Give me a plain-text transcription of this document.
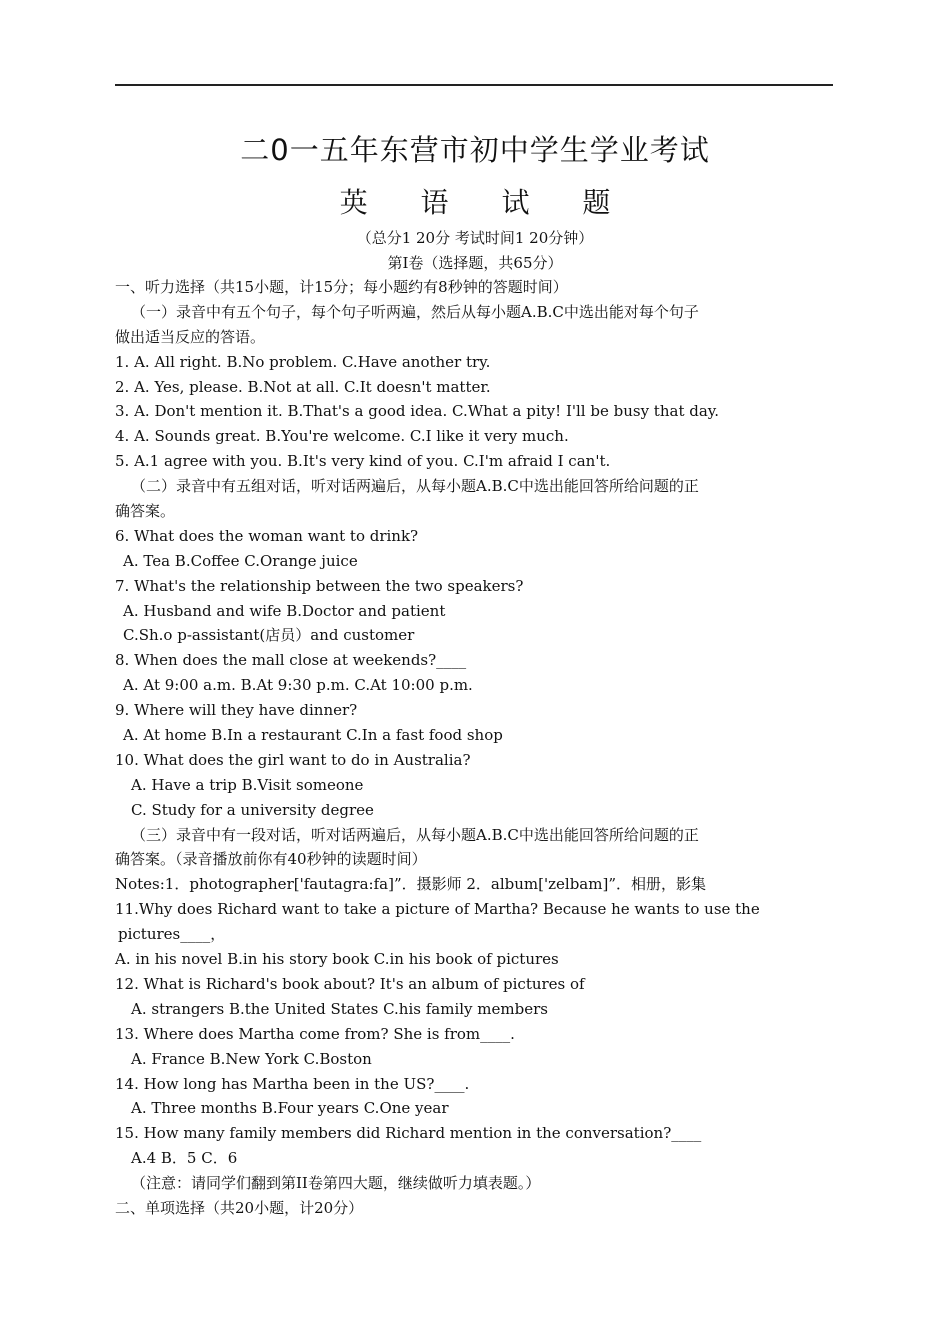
二0一五年东营市初中学生学业考试
英 语 试 题
（总分1 20分 考试时间1 20分钟）
第I卷（选择题，共65分）
一、听力选择（共15小题，计15分；每小题约有8秒钟的答题时间）
（一）录音中有五个句子，每个句子听两遍，然后从每小题A.B.C中选出能对每个句子
做出适当反应的答语。
1. A. All right. B.No problem. C.Have another try.
2. A. Yes, please. B.Not at all. C.It doesn't matter.
3. A. Don't mention it. B.That's a good idea. C.What a pity! I'll be busy that day.
4. A. Sounds great. B.You're welcome. C.I like it very much.
5. A.1 agree with you. B.It's very kind of you. C.I'm afraid I can't.
（二）录音中有五组对话，听对话两遍后，从每小题A.B.C中选出能回答所给问题的正
确答案。
6. What does the woman want to drink?
A. Tea B.Coffee C.Orange juice
7. What's the relationship between the two speakers?
A. Husband and wife B.Doctor and patient
C.Sh.o p-assistant(店员）and customer
8. When does the mall close at weekends?____
A. At 9:00 a.m. B.At 9:30 p.m. C.At 10:00 p.m.
9. Where will they have dinner?
A. At home B.In a restaurant C.In a fast food shop
10. What does the girl want to do in Australia?
A. Have a trip B.Visit someone
C. Study for a university degree
（三）录音中有一段对话，听对话两遍后，从每小题A.B.C中选出能回答所给问题的正
确答案。（录音播放前你有40秒钟的读题时间）
Notes:1．photographer['fautagra:fa]”．摄影师 2．album['zelbam]”．相册，影集
11.Why does Richard want to take a picture of Martha? Because he wants to use the
pictures____，
A. in his novel B.in his story book C.in his book of pictures
12. What is Richard's book about? It's an album of pictures of
A. strangers B.the United States C.his family members
13. Where does Martha come from? She is from____.
A. France B.New York C.Boston
14. How long has Martha been in the US?____.
A. Three months B.Four years C.One year
15. How many family members did Richard mention in the conversation?____
A.4 B．5 C．6
（注意：请同学们翻到第II卷第四大题，继续做听力填表题。）
二、单项选择（共20小题，计20分）
